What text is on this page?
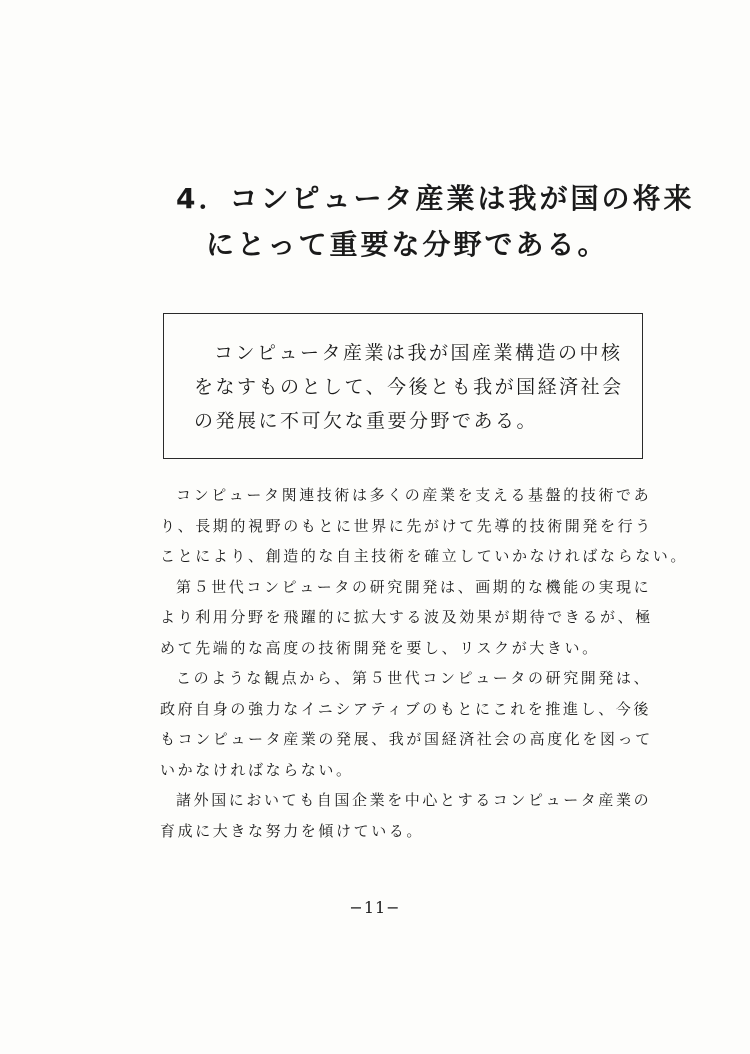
4．コンピュータ産業は我が国の将来
にとって重要な分野である。
コンピュータ産業は我が国産業構造の中核
をなすものとして、今後とも我が国経済社会
の発展に不可欠な重要分野である。
コンピュータ関連技術は多くの産業を支える基盤的技術であ
り、長期的視野のもとに世界に先がけて先導的技術開発を行う
ことにより、創造的な自主技術を確立していかなければならない。
第５世代コンピュータの研究開発は、画期的な機能の実現に
より利用分野を飛躍的に拡大する波及効果が期待できるが、極
めて先端的な高度の技術開発を要し、リスクが大きい。
このような観点から、第５世代コンピュータの研究開発は、
政府自身の強力なイニシアティブのもとにこれを推進し、今後
もコンピュータ産業の発展、我が国経済社会の高度化を図って
いかなければならない。
諸外国においても自国企業を中心とするコンピュータ産業の
育成に大きな努力を傾けている。
−11−
